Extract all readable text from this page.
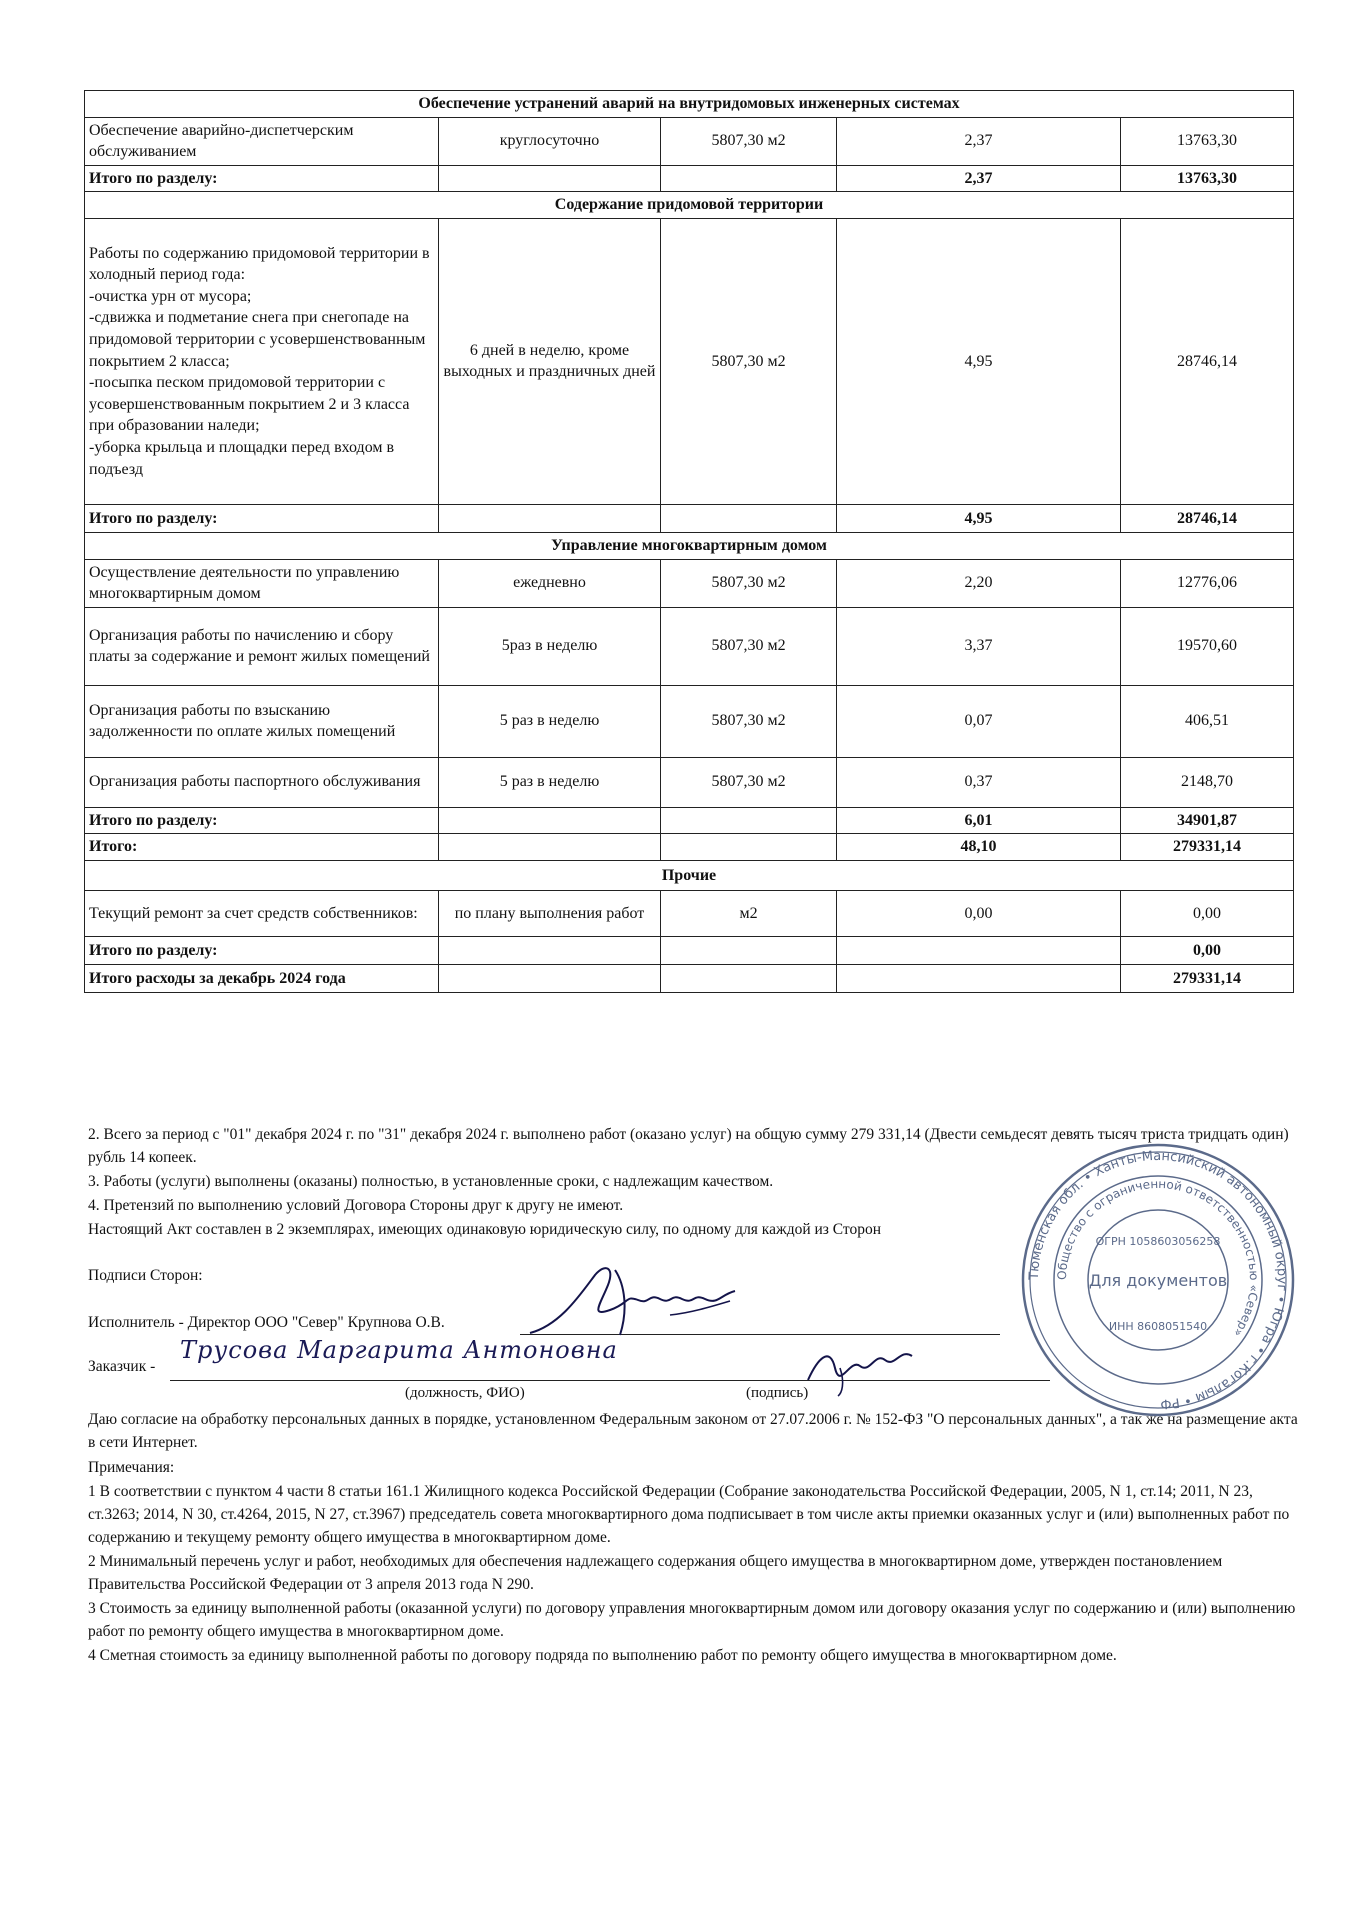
Обеспечение устранений аварий на внутридомовых инженерных системах				
Обеспечение аварийно-диспетчерским обслуживанием	круглосуточно	5807,30 м2	2,37	13763,30
Итого по разделу:			2,37	13763,30
Содержание придомовой территории				
Работы по содержанию придомовой территории в холодный период года:
-очистка урн от мусора;
-сдвижка и подметание снега при снегопаде на придомовой территории с усовершенствованным покрытием 2 класса;
-посыпка песком придомовой территории с усовершенствованным покрытием 2 и 3 класса при образовании наледи;
-уборка крыльца и площадки перед входом в подъезд	6 дней в неделю, кроме выходных и праздничных дней	5807,30 м2	4,95	28746,14
Итого по разделу:			4,95	28746,14
Управление многоквартирным домом				
Осуществление деятельности по управлению многоквартирным домом	ежедневно	5807,30 м2	2,20	12776,06
Организация работы по начислению и сбору платы за содержание и ремонт жилых помещений	5раз в неделю	5807,30 м2	3,37	19570,60
Организация работы по взысканию задолженности по оплате жилых помещений	5 раз в неделю	5807,30 м2	0,07	406,51
Организация работы паспортного обслуживания	5 раз в неделю	5807,30 м2	0,37	2148,70
Итого по разделу:			6,01	34901,87
Итого:			48,10	279331,14
Прочие				
Текущий ремонт за счет средств собственников:	по плану выполнения работ	м2	0,00	0,00
Итого по разделу:				0,00
Итого расходы за декабрь 2024 года				279331,14

2. Всего за период с "01" декабря 2024 г. по "31" декабря 2024 г. выполнено работ (оказано услуг) на общую сумму 279 331,14 (Двести семьдесят девять тысяч триста тридцать один) рубль 14 копеек.

3. Работы (услуги) выполнены (оказаны) полностью, в установленные сроки, с надлежащим качеством.

4. Претензий по выполнению условий Договора Стороны друг к другу не имеют.

Настоящий Акт составлен в 2 экземплярах, имеющих одинаковую юридическую силу, по одному для каждой из Сторон

Подписи Сторон:

Исполнитель - Директор ООО "Север" Крупнова О.В.
Заказчик -
Трусова Маргарита Антоновна
(должность, ФИО)	(подпись)

Даю согласие на обработку персональных данных в порядке, установленном Федеральным законом от 27.07.2006 г. № 152-ФЗ "О персональных данных", а так же на размещение акта в сети Интернет.

Примечания:

1 В соответствии с пунктом 4 части 8 статьи 161.1 Жилищного кодекса Российской Федерации (Собрание законодательства Российской Федерации, 2005, N 1, ст.14; 2011, N 23, ст.3263; 2014, N 30, ст.4264, 2015, N 27, ст.3967) председатель совета многоквартирного дома подписывает в том числе акты приемки оказанных услуг и (или) выполненных работ по содержанию и текущему ремонту общего имущества в многоквартирном доме.

2 Минимальный перечень услуг и работ, необходимых для обеспечения надлежащего содержания общего имущества в многоквартирном доме, утвержден постановлением Правительства Российской Федерации от 3 апреля 2013 года N 290.

3 Стоимость за единицу выполненной работы (оказанной услуги) по договору управления многоквартирным домом или договору оказания услуг по содержанию и (или) выполнению работ по ремонту общего имущества в многоквартирном доме.

4 Сметная стоимость за единицу выполненной работы по договору подряда по выполнению работ по ремонту общего имущества в многоквартирном доме.

Тюменская обл. • Ханты-Мансийский автономный округ • Югра • г.Когалым • РФ
Общество с ограниченной ответственностью «Север»
ОГРН 1058603056258
ИНН 8608051540
Для документов
